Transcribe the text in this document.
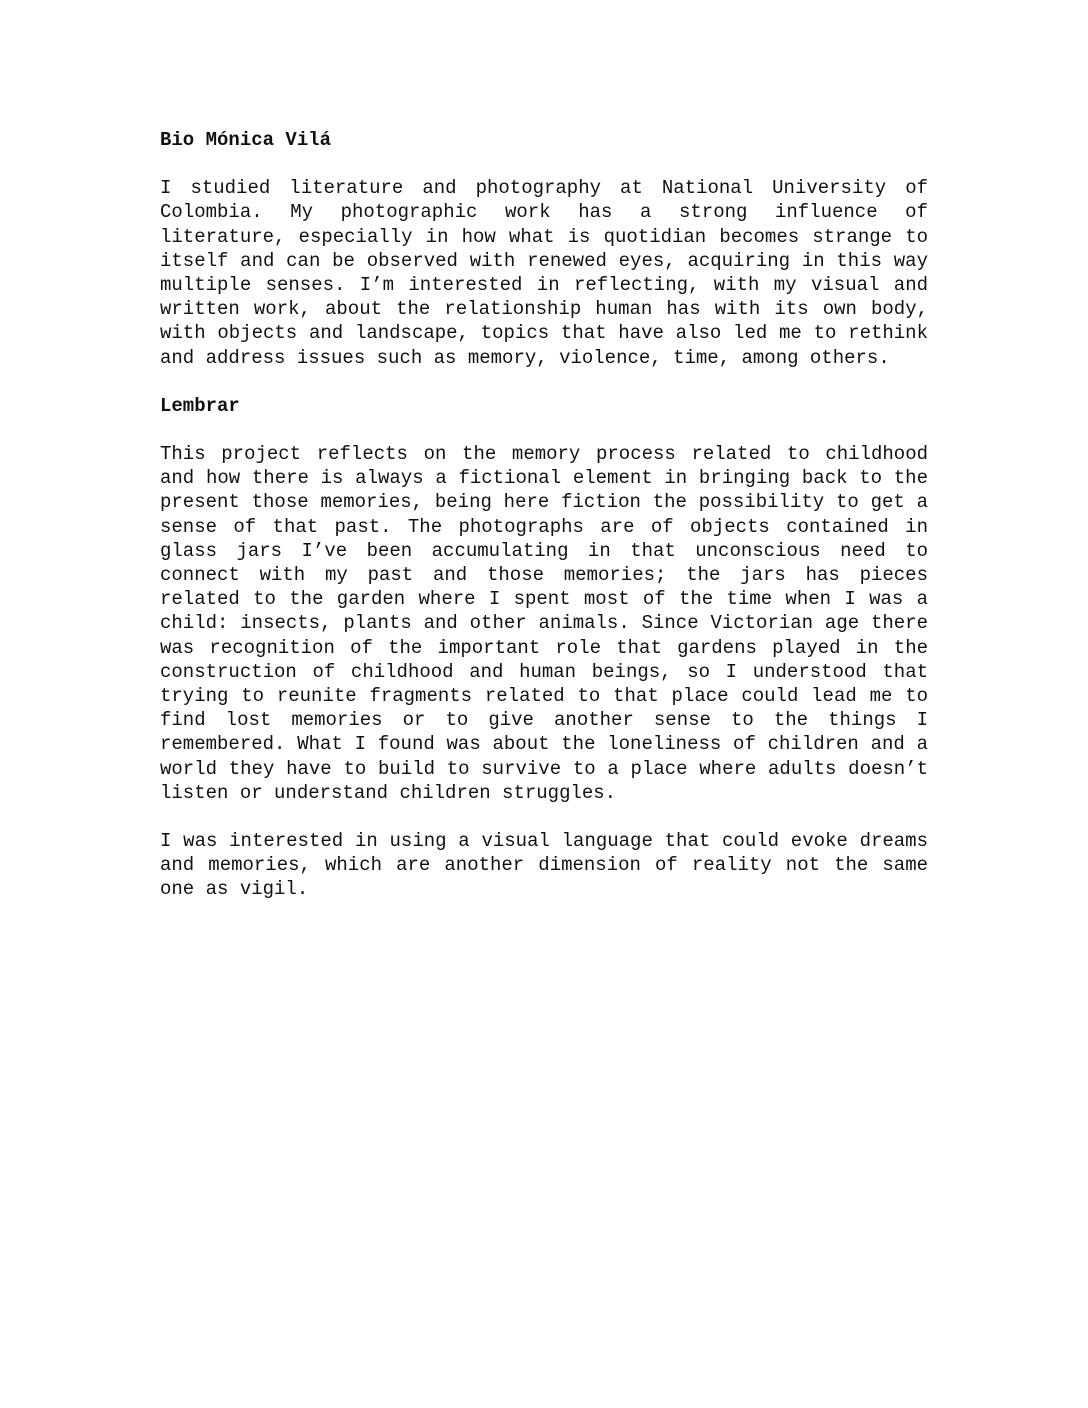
Bio Mónica Vilá

I studied literature and photography at National University of Colombia. My photographic work has a strong influence of literature, especially in how what is quotidian becomes strange to itself and can be observed with renewed eyes, acquiring in this way multiple senses. I’m interested in reflecting, with my visual and written work, about the relationship human has with its own body, with objects and landscape, topics that have also led me to rethink and address issues such as memory, violence, time, among others.

Lembrar

This project reflects on the memory process related to childhood and how there is always a fictional element in bringing back to the present those memories, being here fiction the possibility to get a sense of that past. The photographs are of objects contained in glass jars I’ve been accumulating in that unconscious need to connect with my past and those memories; the jars has pieces related to the garden where I spent most of the time when I was a child: insects, plants and other animals. Since Victorian age there was recognition of the important role that gardens played in the construction of childhood and human beings, so I understood that trying to reunite fragments related to that place could lead me to find lost memories or to give another sense to the things I remembered. What I found was about the loneliness of children and a world they have to build to survive to a place where adults doesn’t listen or understand children struggles.

I was interested in using a visual language that could evoke dreams and memories, which are another dimension of reality not the same one as vigil.
